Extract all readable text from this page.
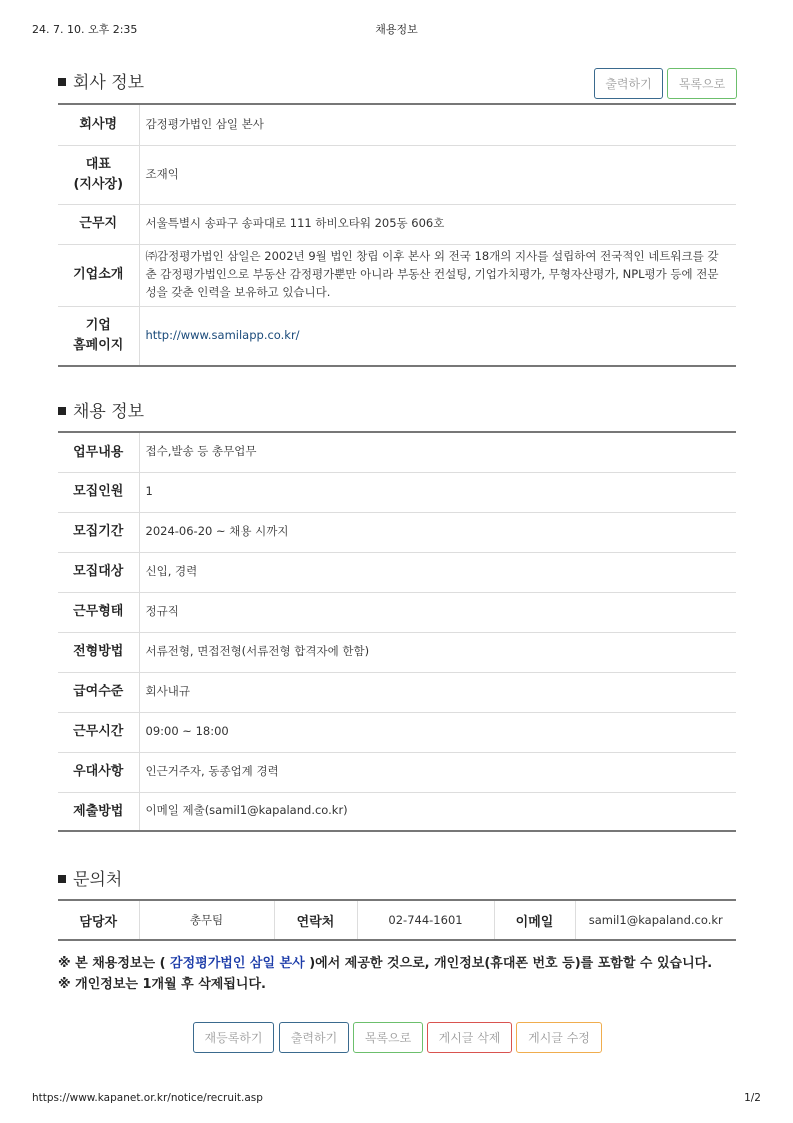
24. 7. 10. 오후 2:35	채용정보
회사 정보	출력하기	목록으로
회사명	감정평가법인 삼일 본사
대표
(지사장)	조재익
근무지	서울특별시 송파구 송파대로 111 하비오타워 205동 606호
기업소개	㈜감정평가법인 삼일은 2002년 9월 법인 창립 이후 본사 외 전국 18개의 지사를 설립하여 전국적인 네트워크를 갖춘 감정평가법인으로 부동산 감정평가뿐만 아니라 부동산 컨설팅, 기업가치평가, 무형자산평가, NPL평가 등에 전문성을 갖춘 인력을 보유하고 있습니다.
기업
홈페이지	http://www.samilapp.co.kr/
채용 정보
업무내용	접수,발송 등 총무업무
모집인원	1
모집기간	2024-06-20 ~ 채용 시까지
모집대상	신입, 경력
근무형태	정규직
전형방법	서류전형, 면접전형(서류전형 합격자에 한함)
급여수준	회사내규
근무시간	09:00 ~ 18:00
우대사항	인근거주자, 동종업계 경력
제출방법	이메일 제출(samil1@kapaland.co.kr)
문의처
담당자	총무팀	연락처	02-744-1601	이메일	samil1@kapaland.co.kr
※ 본 채용정보는 ( 감정평가법인 삼일 본사 )에서 제공한 것으로, 개인정보(휴대폰 번호 등)를 포함할 수 있습니다.
※ 개인정보는 1개월 후 삭제됩니다.
재등록하기	출력하기	목록으로	게시글 삭제	게시글 수정
https://www.kapanet.or.kr/notice/recruit.asp	1/2
